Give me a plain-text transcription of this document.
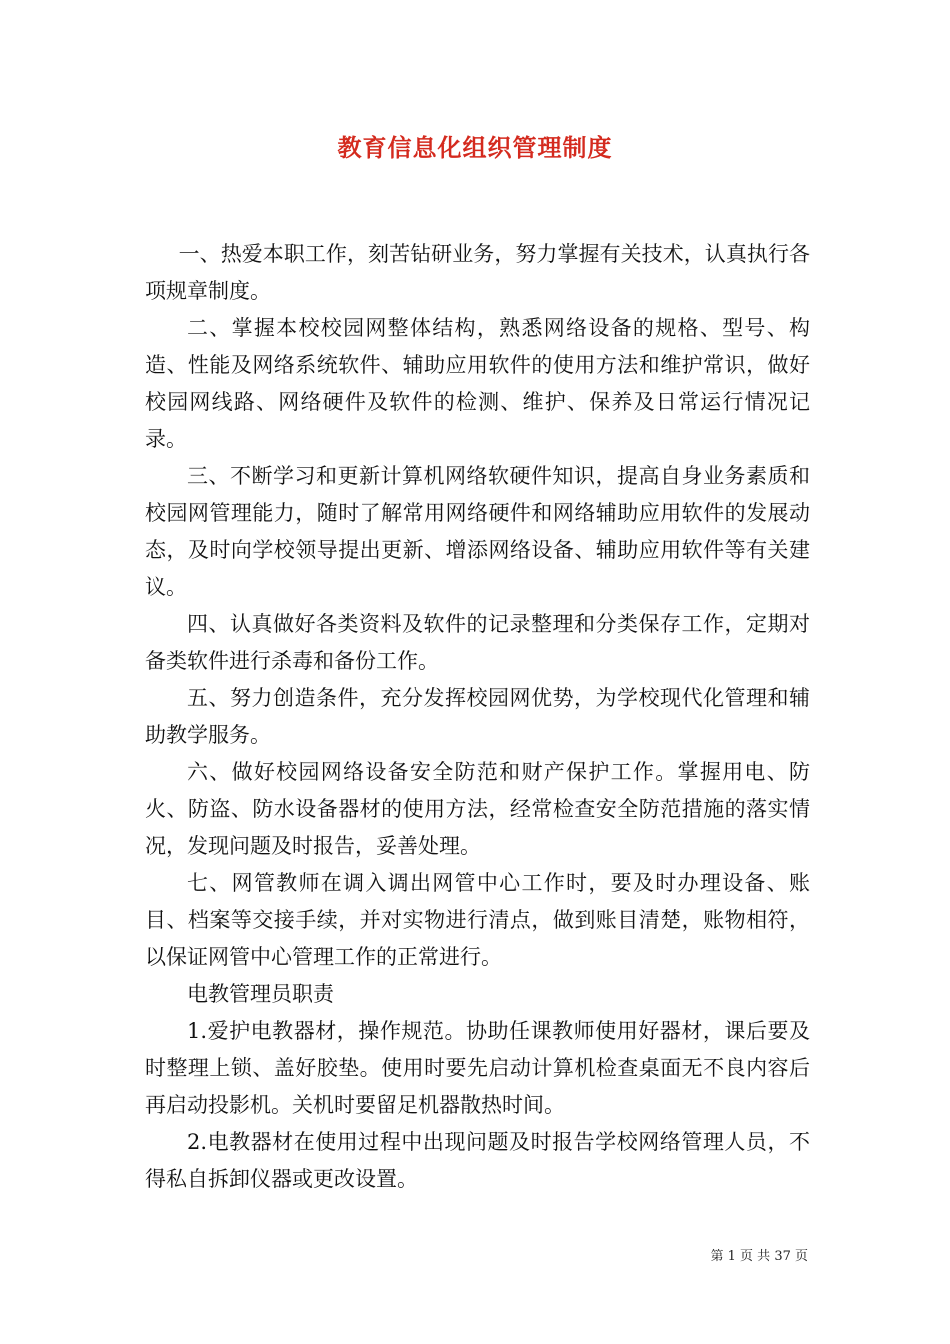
教育信息化组织管理制度

一、热爱本职工作，刻苦钻研业务，努力掌握有关技术，认真执行各项规章制度。

二、掌握本校校园网整体结构，熟悉网络设备的规格、型号、构造、性能及网络系统软件、辅助应用软件的使用方法和维护常识，做好校园网线路、网络硬件及软件的检测、维护、保养及日常运行情况记录。

三、不断学习和更新计算机网络软硬件知识，提高自身业务素质和校园网管理能力，随时了解常用网络硬件和网络辅助应用软件的发展动态，及时向学校领导提出更新、增添网络设备、辅助应用软件等有关建议。

四、认真做好各类资料及软件的记录整理和分类保存工作，定期对备类软件进行杀毒和备份工作。

五、努力创造条件，充分发挥校园网优势，为学校现代化管理和辅助教学服务。

六、做好校园网络设备安全防范和财产保护工作。掌握用电、防火、防盗、防水设备器材的使用方法，经常检查安全防范措施的落实情况，发现问题及时报告，妥善处理。

七、网管教师在调入调出网管中心工作时，要及时办理设备、账目、档案等交接手续，并对实物进行清点，做到账目清楚，账物相符，以保证网管中心管理工作的正常进行。

电教管理员职责

1.爱护电教器材，操作规范。协助任课教师使用好器材，课后要及时整理上锁、盖好胶垫。使用时要先启动计算机检查桌面无不良内容后再启动投影机。关机时要留足机器散热时间。

2.电教器材在使用过程中出现问题及时报告学校网络管理人员，不得私自拆卸仪器或更改设置。

第 1 页 共 37 页
